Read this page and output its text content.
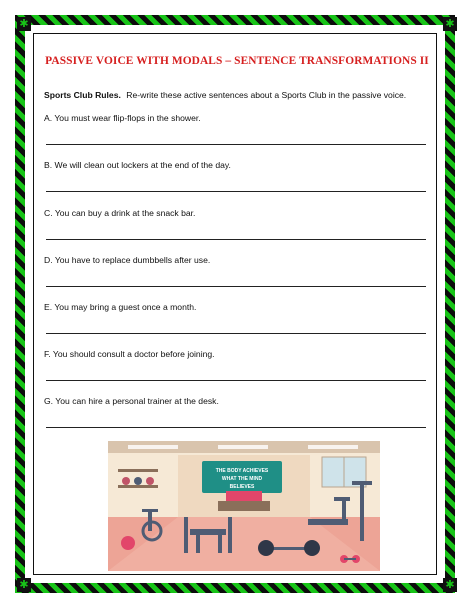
✱	✱
✱	✱
PASSIVE VOICE WITH MODALS – SENTENCE TRANSFORMATIONS II
Sports Club Rules. Re-write these active sentences about a Sports Club in the passive voice.
A. You must wear flip-flops in the shower.
B. We will clean out lockers at the end of the day.
C. You can buy a drink at the snack bar.
D. You have to replace dumbbells after use.
E. You may bring a guest once a month.
F. You should consult a doctor before joining.
G. You can hire a personal trainer at the desk.
THE BODY ACHIEVES
WHAT THE MIND
BELIEVES
